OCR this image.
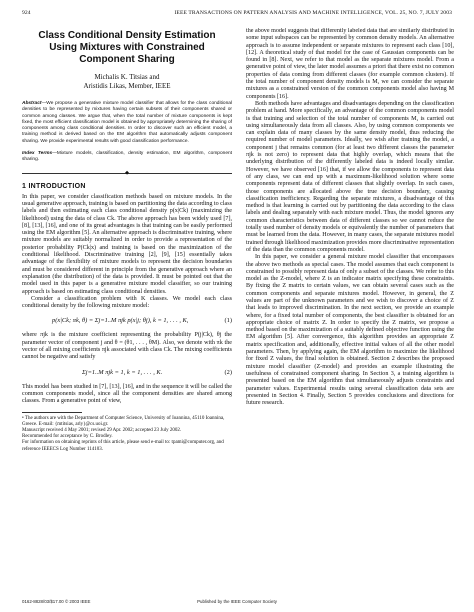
924	IEEE TRANSACTIONS ON PATTERN ANALYSIS AND MACHINE INTELLIGENCE, VOL. 25, NO. 7, JULY 2003
Class Conditional Density Estimation Using Mixtures with Constrained Component Sharing
Michalis K. Titsias and
Aristidis Likas, Member, IEEE
Abstract—We propose a generative mixture model classifier that allows for the class conditional densities to be represented by mixtures having certain subsets of their components shared or common among classes. We argue that, when the total number of mixture components is kept fixed, the most efficient classification model is obtained by appropriately determining the sharing of components among class conditional densities. In order to discover such an efficient model, a training method is derived based on the EM algorithm that automatically adjusts component sharing. We provide experimental results with good classification performance.
Index Terms—Mixture models, classification, density estimation, EM algorithm, component sharing.
◆
1 INTRODUCTION

In this paper, we consider classification methods based on mixture models. In the usual generative approach, training is based on partitioning the data according to class labels and then estimating each class conditional density p(x|Ck) (maximizing the likelihood) using the data of class Ck. The above approach has been widely used [7], [8], [13], [16], and one of its great advantages is that training can be easily performed using the EM algorithm [5]. An alternative approach is discriminative training, where mixture models are suitably normalized in order to provide a representation of the posterior probability P(Ck|x) and training is based on the maximization of the conditional likelihood. Discriminative training [2], [9], [15] essentially takes advantage of the flexibility of mixture models to represent the decision boundaries and must be considered different in principle from the generative approach where an explanation (the distribution) of the data is provided. It must be pointed out that the model used in this paper is a generative mixture model classifier, so our training approach is based on estimating class conditional densities.

Consider a classification problem with K classes. We model each class conditional density by the following mixture model:

p(x|Ck; πk, θ) = Σj=1..M πjk p(x|j; θj), k = 1, . . . , K,	(1)

where πjk is the mixture coefficient representing the probability P(j|Ck), θj the parameter vector of component j and θ = (θ1, . . . , θM). Also, we denote with πk the vector of all mixing coefficients πjk associated with class Ck. The mixing coefficients cannot be negative and satisfy

Σj=1..M πjk = 1, k = 1, . . . , K.	(2)

This model has been studied in [7], [13], [16], and in the sequence it will be called the common components model, since all the component densities are shared among classes. From a generative point of view,

• The authors are with the Department of Computer Science, University of Ioannina, 45110 Ioannina, Greece. E-mail: {mtitsias, arly}@cs.uoi.gr.
Manuscript received 4 May 2001; revised 29 Apr. 2002; accepted 23 July 2002.
Recommended for acceptance by C. Brodley.
For information on obtaining reprints of this article, please send e-mail to: tpami@computer.org, and reference IEEECS Log Number 114103.

the above model suggests that differently labeled data that are similarly distributed in some input subspaces can be represented by common density models. An alternative approach is to assume independent or separate mixtures to represent each class [10], [12]. A theoretical study of that model for the case of Gaussian components can be found in [8]. Next, we refer to that model as the separate mixtures model. From a generative point of view, the later model assumes a priori that there exist no common properties of data coming from different classes (for example common clusters). If the total number of component density models is M, we can consider the separate mixtures as a constrained version of the common components model also having M components [16].

Both methods have advantages and disadvantages depending on the classification problem at hand. More specifically, an advantage of the common components model is that training and selection of the total number of components M, is carried out using simultaneously data from all classes. Also, by using common components we can explain data of many classes by the same density model, thus reducing the required number of model parameters. Ideally, we wish after training the model, a component j that remains common (for at least two different classes the parameter πjk is not zero) to represent data that highly overlap, which means that the underlying distribution of the differently labeled data is indeed locally similar. However, we have observed [16] that, if we allow the components to represent data of any class, we can end up with a maximum-likelihood solution where some components represent data of different classes that slightly overlap. In such cases, those components are allocated above the true decision boundary, causing classification inefficiency. Regarding the separate mixtures, a disadvantage of this method is that learning is carried out by partitioning the data according to the class labels and dealing separately with each mixture model. Thus, the model ignores any common characteristics between data of different classes so we cannot reduce the totally used number of density models or equivalently the number of parameters that must be learned from the data. However, in many cases, the separate mixtures model trained through likelihood maximization provides more discriminative representation of the data than the common components model.

In this paper, we consider a general mixture model classifier that encompasses the above two methods as special cases. The model assumes that each component is constrained to possibly represent data of only a subset of the classes. We refer to this model as the Z-model, where Z is an indicator matrix specifying these constraints. By fixing the Z matrix to certain values, we can obtain several cases such as the common components and separate mixtures model. However, in general, the Z values are part of the unknown parameters and we wish to discover a choice of Z that leads to improved discrimination. In the next section, we provide an example where, for a fixed total number of components, the best classifier is obtained for an appropriate choice of matrix Z. In order to specify the Z matrix, we propose a method based on the maximization of a suitably defined objective function using the EM algorithm [5]. After convergence, this algorithm provides an appropriate Z matrix specification and, additionally, effective initial values of all the other model parameters. Then, by applying again, the EM algorithm to maximize the likelihood for fixed Z values, the final solution is obtained. Section 2 describes the proposed mixture model classifier (Z-model) and provides an example illustrating the usefulness of constrained component sharing. In Section 3, a training algorithm is presented based on the EM algorithm that simultaneously adjusts constraints and parameter values. Experimental results using several classification data sets are presented in Section 4. Finally, Section 5 provides conclusions and directions for future research.

0162-8828/03/$17.00 © 2003 IEEE	Published by the IEEE Computer Society
